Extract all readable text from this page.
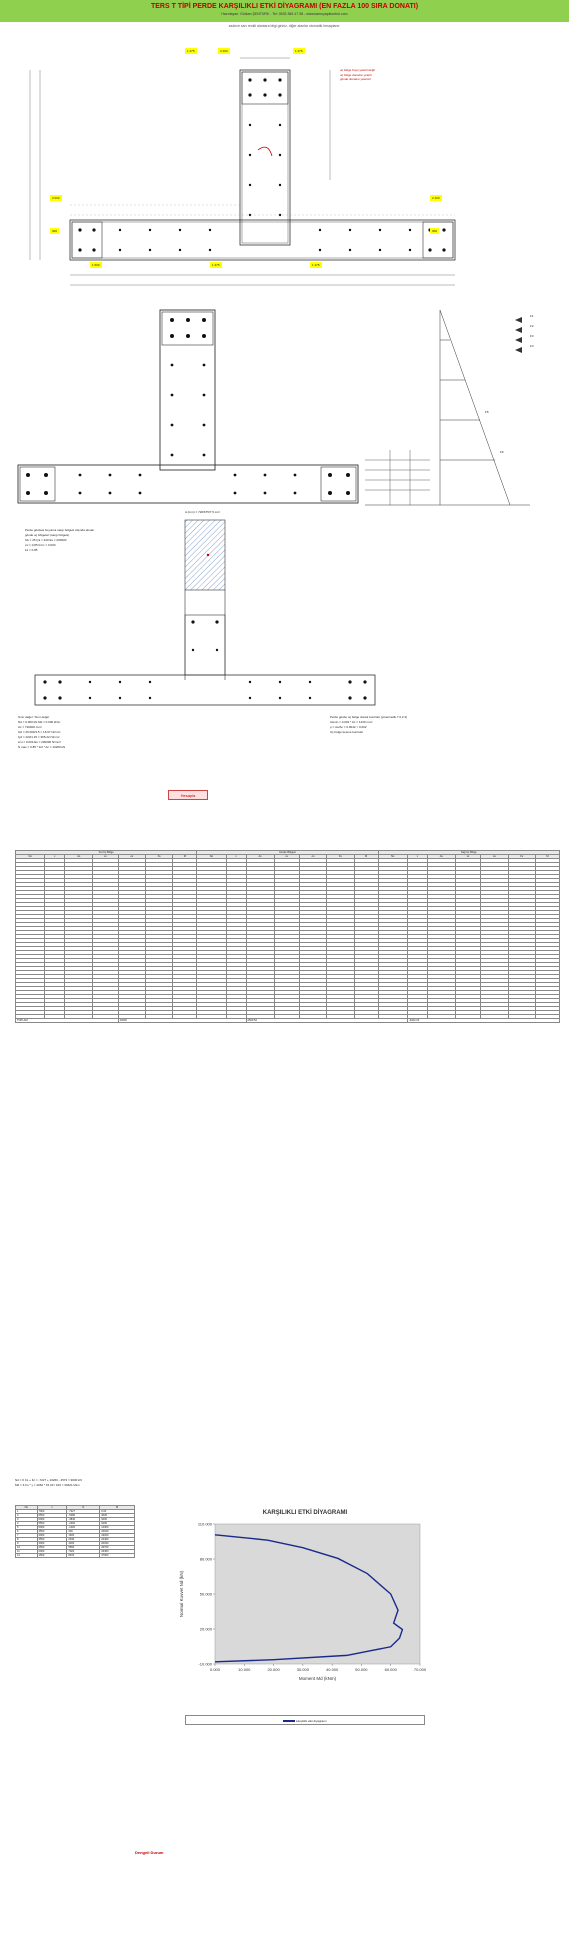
TERS T TİPİ PERDE KARŞILIKLI ETKİ DİYAGRAMI (EN FAZLA 100 SIRA DONATI)
Hazırlayan: Gürkan ŞENTÜRK - Tel: 0533 365 47 98 - www.kamuyapikontrol.com
sadece sarı renkli alanlara bilgi giriniz, diğer alanlar otomatik hesaplanır.
1 475	3 400	1 475
3 000
300
1 500
2 400
300
1 375	1 475
uç bölge boyu yeterli değil
uç bölge donatısı yeterli
gövde donatısı yetersiz
F1
F2
F3
F4
F5
F6
A (mm) = 720/675/7.5 cm²
Perde gövdesi boyunca sargı bölgesi dışında donatı
gövde uç bölgeleri (sargı bölgesi)
fck = 25 fyk = 420 Es = 200000
σc = 0.85 fcd ε = 0.003
k1 = 0.85
Sınır değer: Sınır değer
Nd = 0.000 kN Md = 0.000 kNm
Ac = 720000 mm²
fcd = 25.000/1.5 = 16.67 N/mm²
fyd = 420/1.15 = 365.22 N/mm²
εcu = 0.003 Es = 200000 N/mm²
N max = 0.85 * fcd * Ac = 10200 kN
Hesapla
Perde gövde uç bölge donatı kontrolü (yönetmelik 7.6.2.3)
Asmin = 0.002 * Ac = 1440 mm²
ρ = As/Ac = 0.0042 > 0.002
Uç bölge kesme kontrolü
Sol Uç Bölge							Gövde Bölgesi							Sağ Uç Bölge						
No	x	As	εs	σs	Fs	M	No	x	As	εs	σs	Fs	M	No	x	As	εs	σs	Fs	M

TOPLAM				13000					2840.52						-4202.20					
Nd = Σ Fs + Fc = -7227 + 10260 - 4572 = 9000 kN
Md = Σ Fs * y = 4062 * 15.03 / 100 = 30421 kNm
No	c	N	M
1	7000	-7227	0.00
2	6500	-5280	3025
3	6000	-3840	6200
4	5500	-2400	9100
5	5000	-1020	12300
6	4500	300	15640
7	4000	1600	19020
8	3500	2940	22460
9	3000	4300	26030
10	2500	5650	29760
11	2000	7020	33450
12	1500	8400	37000
Dengeli Durum
KARŞILIKLI ETKİ DİYAGRAMI
0.000	10.000	20.000	30.000	40.000	50.000	60.000	70.000
-10.000
20.000
50.000
80.000
110.000
Moment Md (kNm)
Normal Kuvvet Nd (kN)
karşılıklı etki diyagramı
